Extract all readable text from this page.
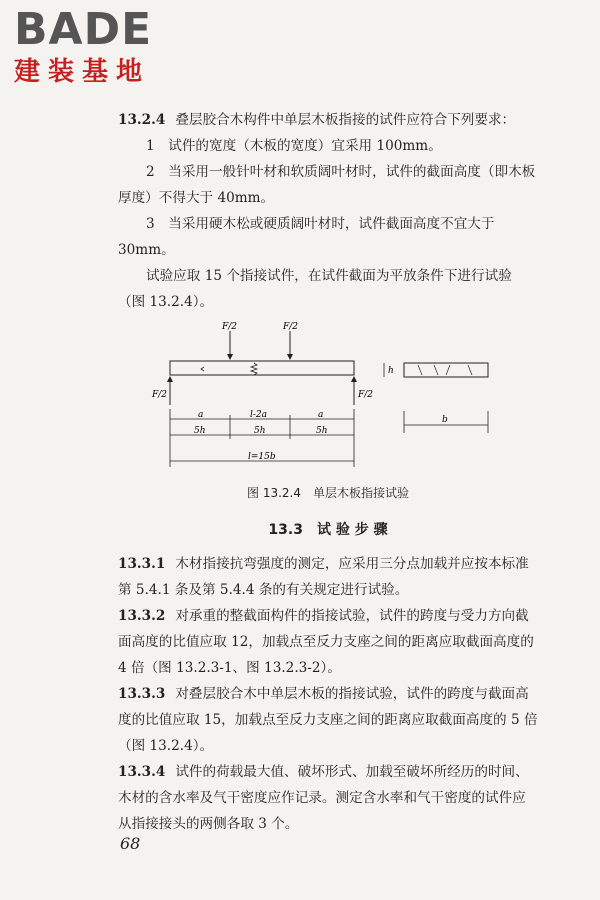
BADE
建装基地

13.2.4 叠层胶合木构件中单层木板指接的试件应符合下列要求：

1　试件的宽度（木板的宽度）宜采用 100mm。

2　当采用一般针叶材和软质阔叶材时，试件的截面高度（即木板厚度）不得大于 40mm。

3　当采用硬木松或硬质阔叶材时，试件截面高度不宜大于 30mm。

试验应取 15 个指接试件，在试件截面为平放条件下进行试验（图 13.2.4）。

F/2	F/2
F/2	F/2
a	l-2a	a
5h	5h	5h
l=15b
h
b
图 13.2.4　单层木板指接试验
13.3　试 验 步 骤

13.3.1 木材指接抗弯强度的测定，应采用三分点加载并应按本标准第 5.4.1 条及第 5.4.4 条的有关规定进行试验。

13.3.2 对承重的整截面构件的指接试验，试件的跨度与受力方向截面高度的比值应取 12，加载点至反力支座之间的距离应取截面高度的 4 倍（图 13.2.3-1、图 13.2.3-2）。

13.3.3 对叠层胶合木中单层木板的指接试验，试件的跨度与截面高度的比值应取 15，加载点至反力支座之间的距离应取截面高度的 5 倍（图 13.2.4）。

13.3.4 试件的荷载最大值、破坏形式、加载至破坏所经历的时间、木材的含水率及气干密度应作记录。测定含水率和气干密度的试件应从指接接头的两侧各取 3 个。

68
